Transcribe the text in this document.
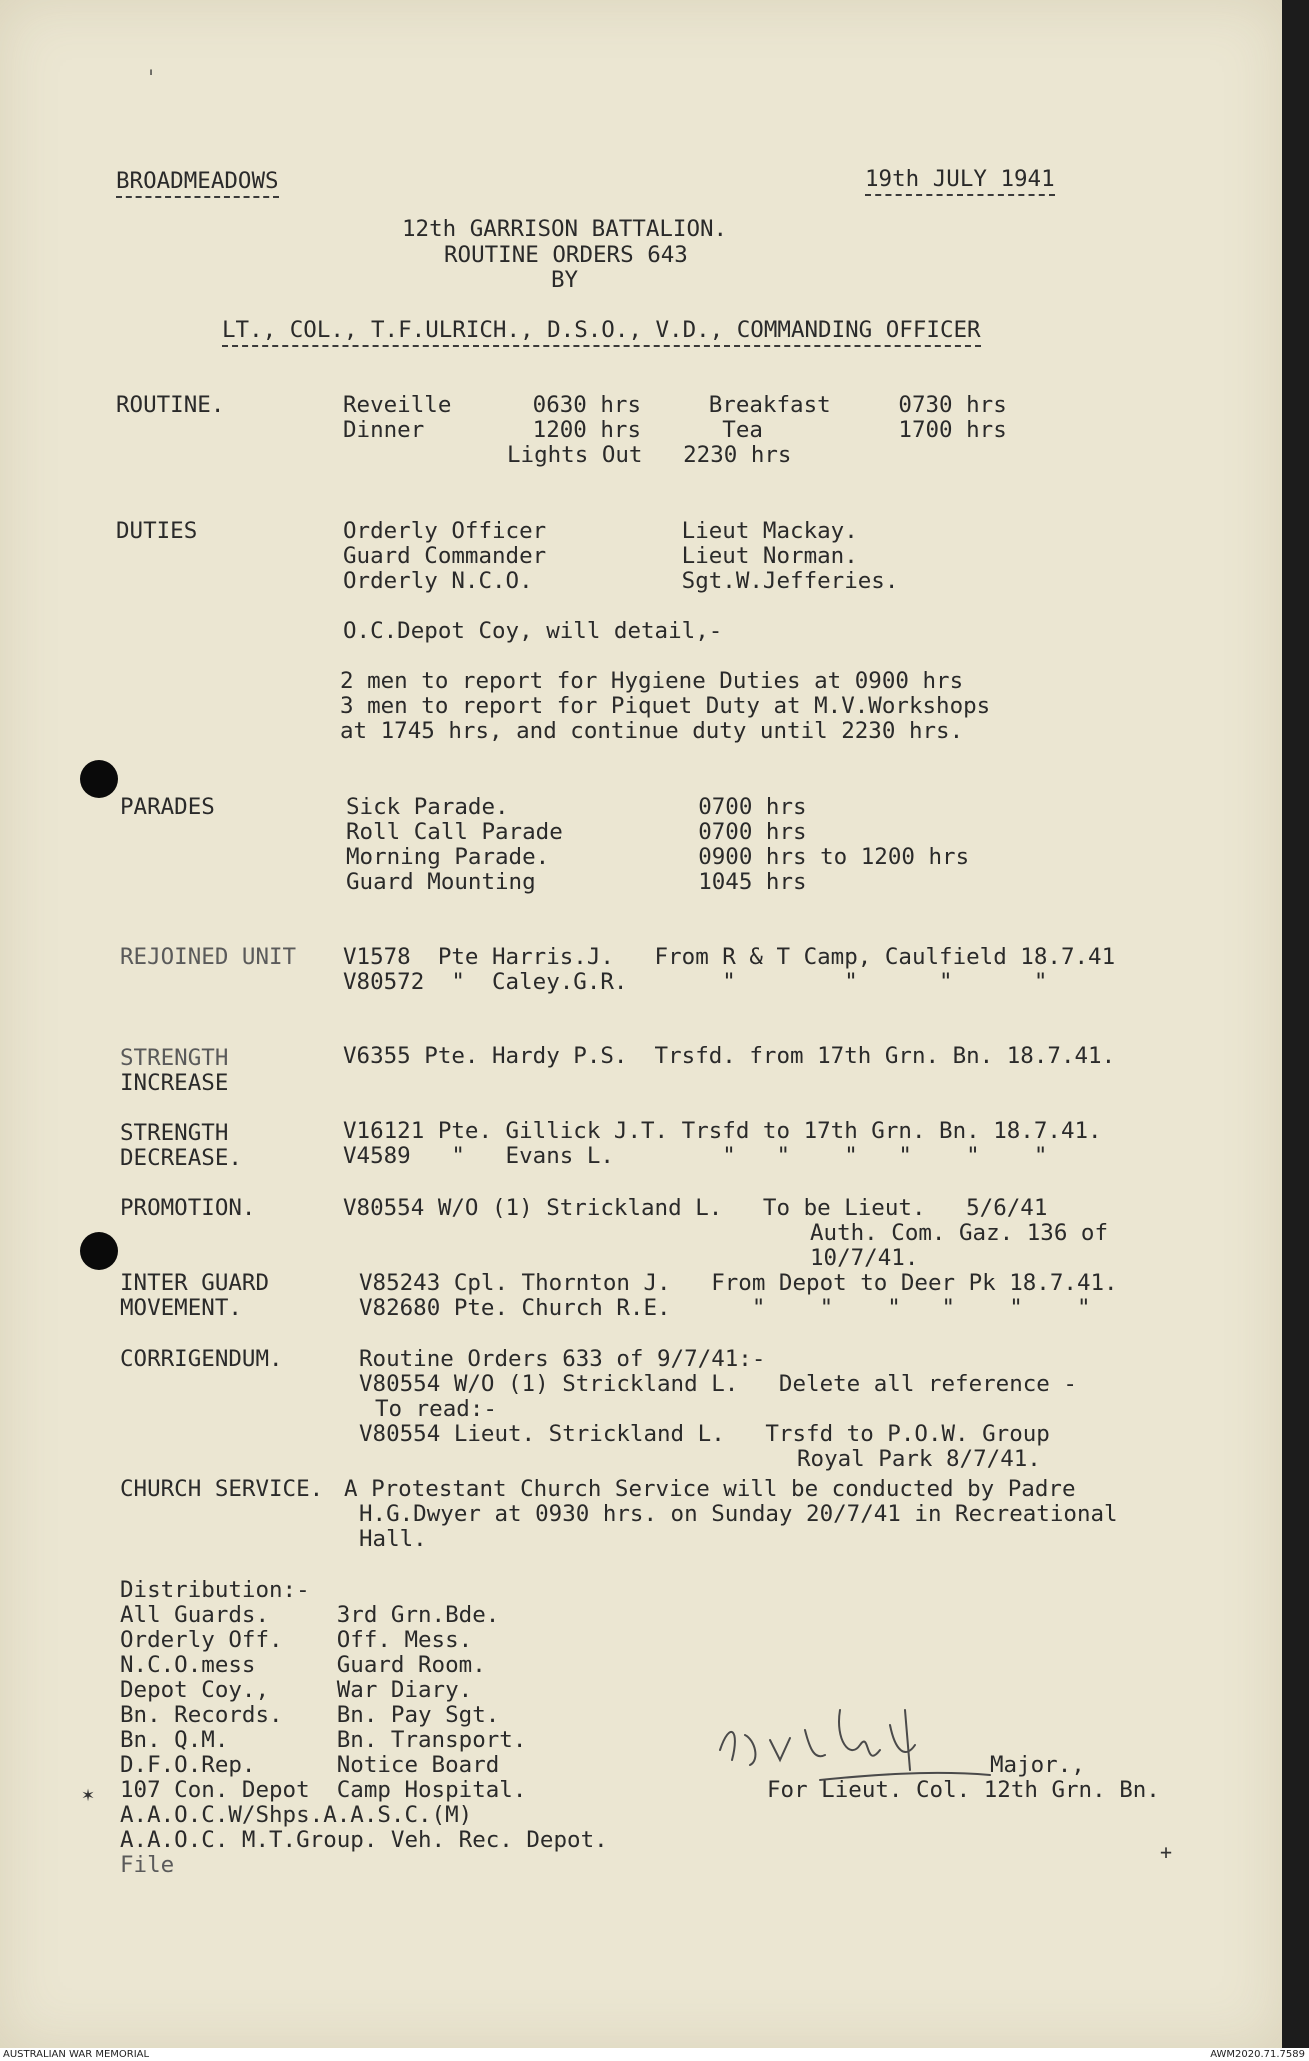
BROADMEADOWS	19th JULY 1941
12th GARRISON BATTALION.
ROUTINE ORDERS 643
BY
LT., COL., T.F.ULRICH., D.S.O., V.D., COMMANDING OFFICER
ROUTINE.	Reveille      0630 hrs     Breakfast     0730 hrs
Dinner        1200 hrs      Tea          1700 hrs
Lights Out   2230 hrs
DUTIES	Orderly Officer          Lieut Mackay.
Guard Commander          Lieut Norman.
Orderly N.C.O.           Sgt.W.Jefferies.
O.C.Depot Coy, will detail,-
2 men to report for Hygiene Duties at 0900 hrs
3 men to report for Piquet Duty at M.V.Workshops
at 1745 hrs, and continue duty until 2230 hrs.
PARADES	Sick Parade.              0700 hrs
Roll Call Parade          0700 hrs
Morning Parade.           0900 hrs to 1200 hrs
Guard Mounting            1045 hrs
REJOINED UNIT V1578  Pte Harris.J.   From R & T Camp, Caulfield 18.7.41
V80572  "  Caley.G.R.       "        "      "      "
STRENGTH
INCREASE
V6355 Pte. Hardy P.S.  Trsfd. from 17th Grn. Bn. 18.7.41.
STRENGTH
DECREASE.
V16121 Pte. Gillick J.T. Trsfd to 17th Grn. Bn. 18.7.41.
V4589   "   Evans L.        "   "    "   "    "    "
PROMOTION.	V80554 W/O (1) Strickland L.   To be Lieut.   5/6/41
Auth. Com. Gaz. 136 of
10/7/41.
INTER GUARD
MOVEMENT.
V85243 Cpl. Thornton J.   From Depot to Deer Pk 18.7.41.
V82680 Pte. Church R.E.      "    "    "   "    "    "
CORRIGENDUM.	Routine Orders 633 of 9/7/41:-
V80554 W/O (1) Strickland L.   Delete all reference -
To read:-
V80554 Lieut. Strickland L.   Trsfd to P.O.W. Group
Royal Park 8/7/41.
CHURCH SERVICE. A Protestant Church Service will be conducted by Padre
H.G.Dwyer at 0930 hrs. on Sunday 20/7/41 in Recreational
Hall.
Distribution:-
All Guards.     3rd Grn.Bde.
Orderly Off.    Off. Mess.
N.C.O.mess      Guard Room.
Depot Coy.,     War Diary.
Bn. Records.    Bn. Pay Sgt.
Bn. Q.M.        Bn. Transport.
D.F.O.Rep.      Notice Board
107 Con. Depot  Camp Hospital.
A.A.O.C.W/Shps.A.A.S.C.(M)
A.A.O.C. M.T.Group. Veh. Rec. Depot.
File
Major.,
For Lieut. Col. 12th Grn. Bn.
ˈ
✶
+
AUSTRALIAN WAR MEMORIAL	AWM2020.71.7589
